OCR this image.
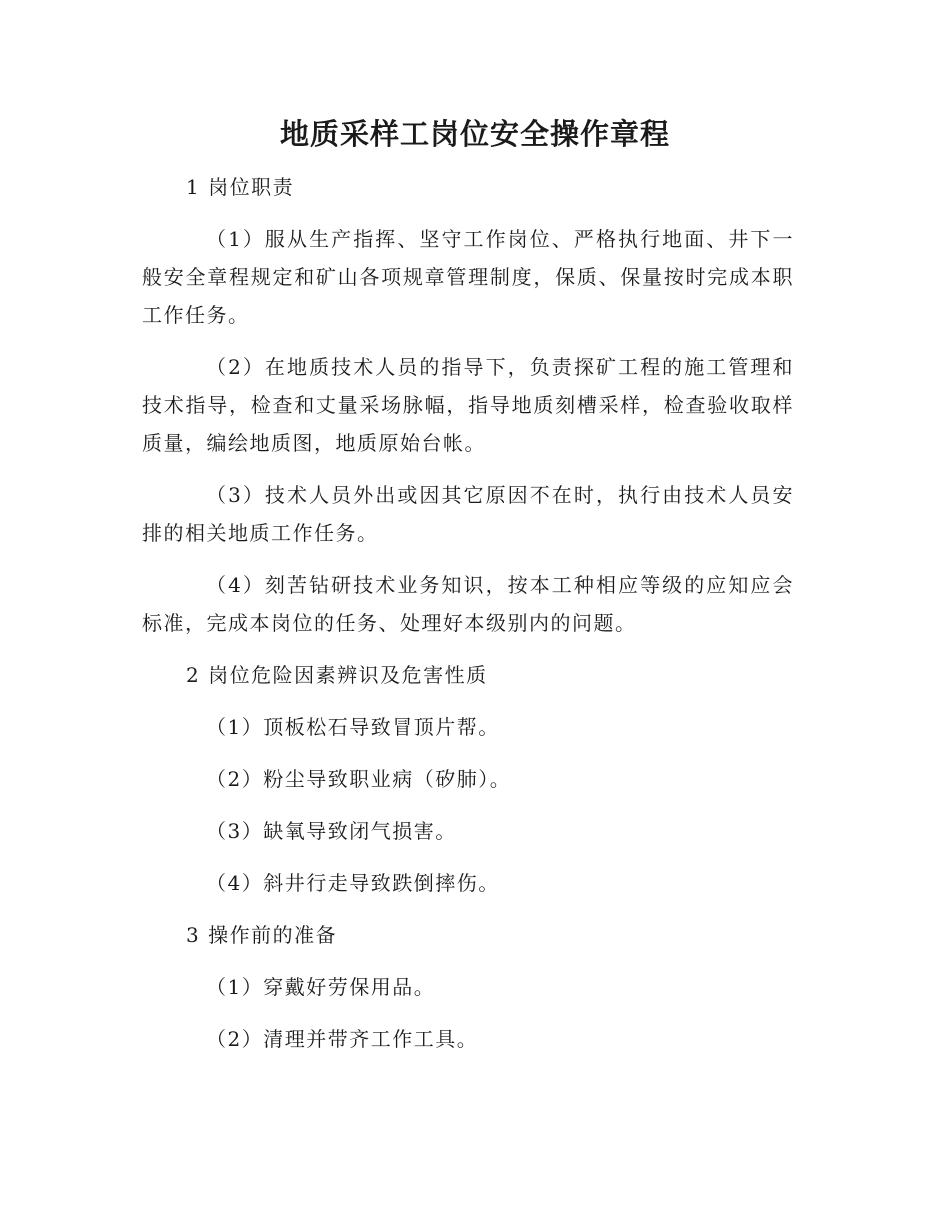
地质采样工岗位安全操作章程

1 岗位职责

（1）服从生产指挥、坚守工作岗位、严格执行地面、井下一般安全章程规定和矿山各项规章管理制度，保质、保量按时完成本职工作任务。

（2）在地质技术人员的指导下，负责探矿工程的施工管理和技术指导，检查和丈量采场脉幅，指导地质刻槽采样，检查验收取样质量，编绘地质图，地质原始台帐。

（3）技术人员外出或因其它原因不在时，执行由技术人员安排的相关地质工作任务。

（4）刻苦钻研技术业务知识，按本工种相应等级的应知应会标准，完成本岗位的任务、处理好本级别内的问题。

2 岗位危险因素辨识及危害性质

（1）顶板松石导致冒顶片帮。

（2）粉尘导致职业病（矽肺）。

（3）缺氧导致闭气损害。

（4）斜井行走导致跌倒摔伤。

3 操作前的准备

（1）穿戴好劳保用品。

（2）清理并带齐工作工具。
